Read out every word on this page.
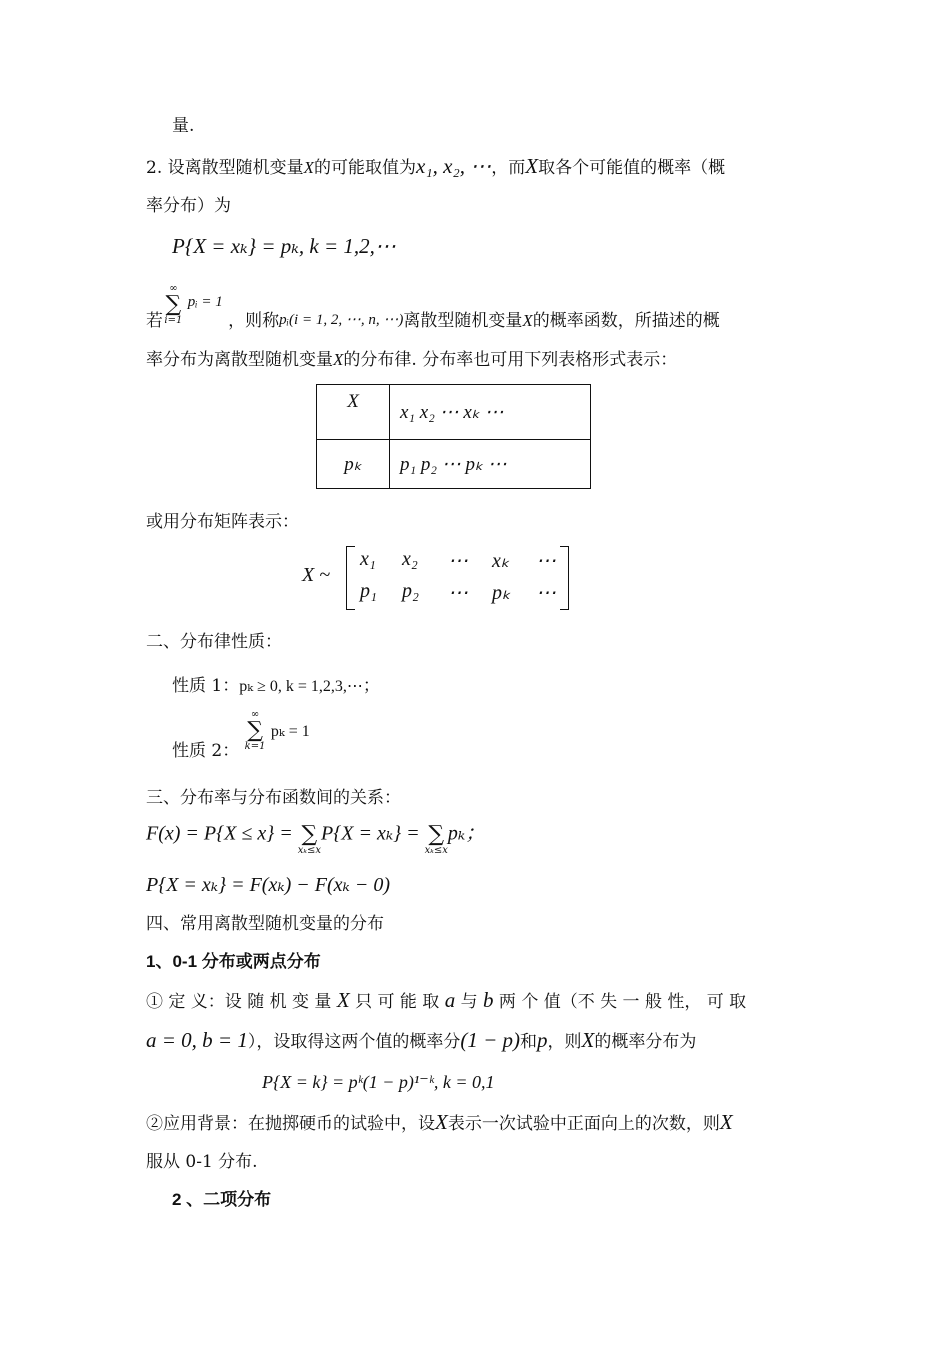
量.
2. 设离散型随机变量X的可能取值为x₁, x₂, ⋯，而X取各个可能值的概率（概
率分布）为
P{X = xₖ} = pₖ, k = 1,2,⋯
若
∞
∑
i=1
pᵢ = 1 ，则称pᵢ(i = 1, 2, ⋯, n, ⋯)离散型随机变量X的概率函数，所描述的概
率分布为离散型随机变量X的分布律. 分布率也可用下列表格形式表示：
X	x₁ x₂ ⋯ xₖ ⋯
pₖ	p₁ p₂ ⋯ pₖ ⋯
或用分布矩阵表示：
X ~
x₁ x₂ ⋯ xₖ ⋯
p₁ p₂ ⋯ pₖ ⋯
二、分布律性质：
性质 1：pₖ ≥ 0, k = 1,2,3,⋯；
性质 2：
∞
∑
k=1
pₖ = 1
三、分布率与分布函数间的关系：
F(x) = P{X ≤ x} = ∑
xₖ≤x
P{X = xₖ} = ∑
xₖ≤x
pₖ；
P{X = xₖ} = F(xₖ) − F(xₖ − 0)
四、常用离散型随机变量的分布
1、0-1 分布或两点分布
① 定 义：设 随 机 变 量 X 只 可 能 取 a 与 b 两 个 值（不 失 一 般 性， 可 取
a = 0, b = 1），设取得这两个值的概率分(1 − p)和p，则X的概率分布为
P{X = k} = pᵏ(1 − p)¹⁻ᵏ, k = 0,1
②应用背景：在抛掷硬币的试验中，设X表示一次试验中正面向上的次数，则X
服从 0-1 分布.
2 、二项分布
